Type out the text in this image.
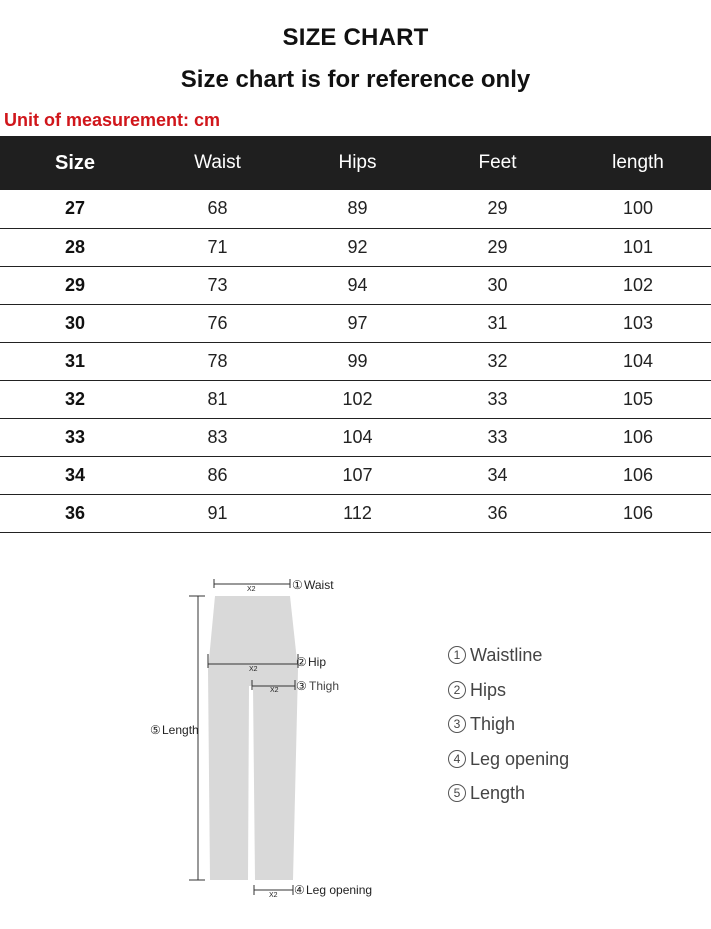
SIZE CHART
Size chart is for reference only
Unit of measurement: cm
Size	Waist	Hips	Feet	length
27	68	89	29	100
28	71	92	29	101
29	73	94	30	102
30	76	97	31	103
31	78	99	32	104
32	81	102	33	105
33	83	104	33	106
34	86	107	34	106
36	91	112	36	106
X2
X2
X2
X2
① Waist
② Hip
③ Thigh
⑤ Length
④ Leg opening
1 Waistline
2 Hips
3 Thigh
4 Leg opening
5 Length
